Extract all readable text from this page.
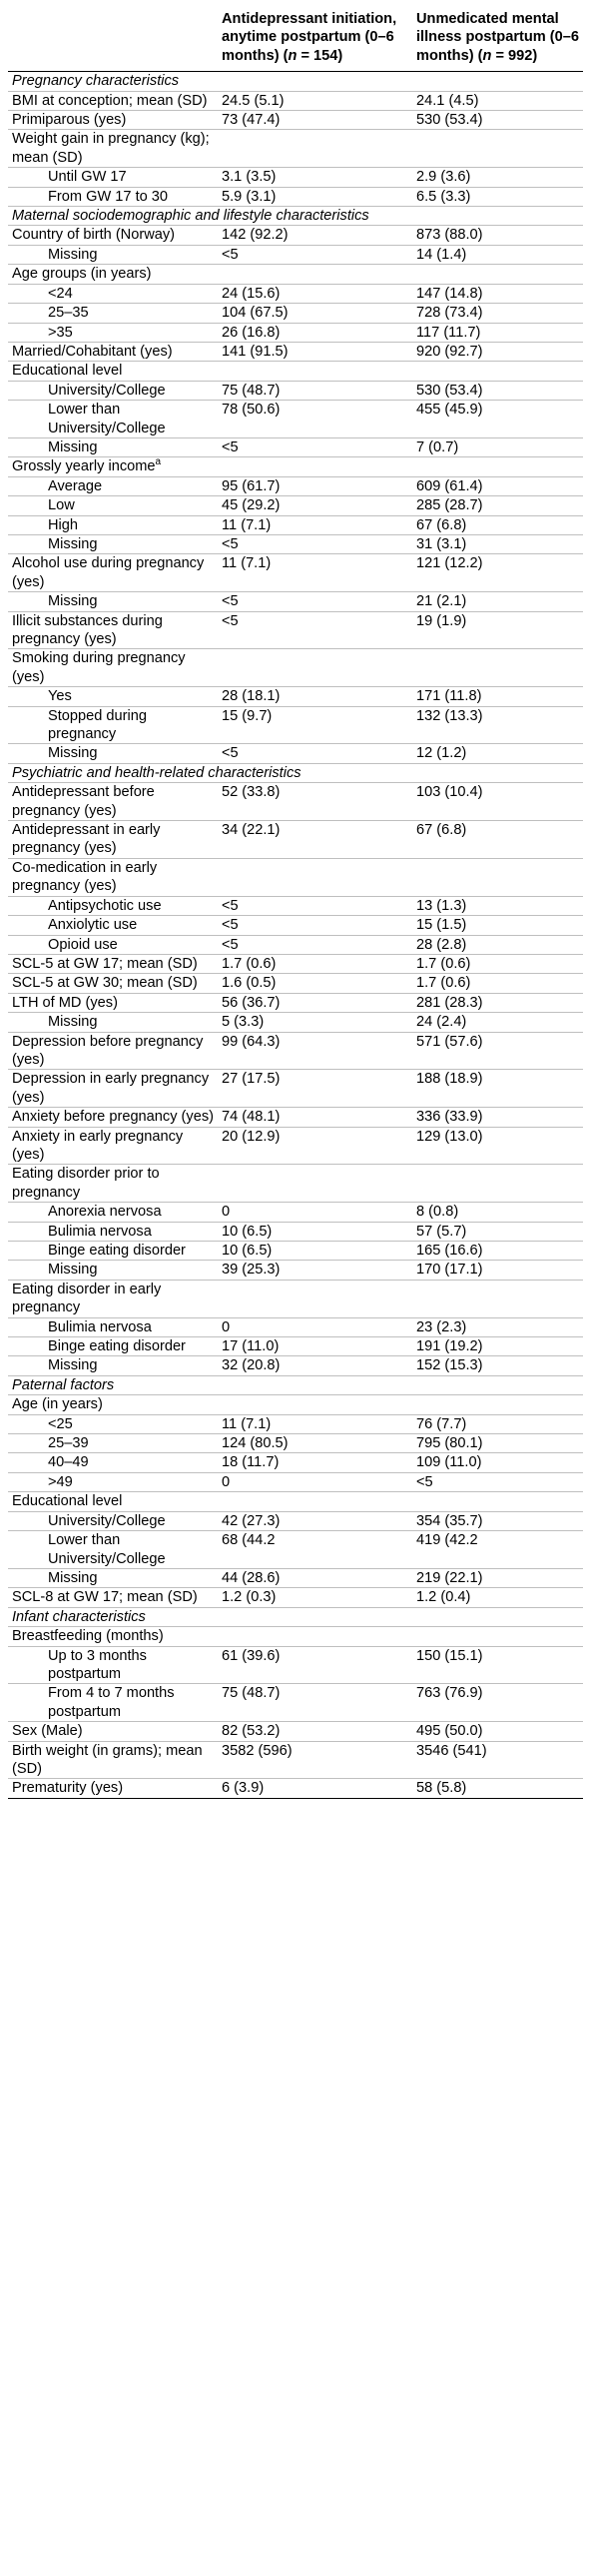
	Antidepressant initiation, anytime postpartum (0–6 months) (n = 154)	Unmedicated mental illness postpartum (0–6 months) (n = 992)
Pregnancy characteristics		
BMI at conception; mean (SD)	24.5 (5.1)	24.1 (4.5)
Primiparous (yes)	73 (47.4)	530 (53.4)
Weight gain in pregnancy (kg); mean (SD)		
Until GW 17	3.1 (3.5)	2.9 (3.6)
From GW 17 to 30	5.9 (3.1)	6.5 (3.3)
Maternal sociodemographic and lifestyle characteristics		
Country of birth (Norway)	142 (92.2)	873 (88.0)
Missing	<5	14 (1.4)
Age groups (in years)		
<24	24 (15.6)	147 (14.8)
25–35	104 (67.5)	728 (73.4)
>35	26 (16.8)	117 (11.7)
Married/Cohabitant (yes)	141 (91.5)	920 (92.7)
Educational level		
University/College	75 (48.7)	530 (53.4)
Lower than University/College	78 (50.6)	455 (45.9)
Missing	<5	7 (0.7)
Grossly yearly income$^a$		
Average	95 (61.7)	609 (61.4)
Low	45 (29.2)	285 (28.7)
High	11 (7.1)	67 (6.8)
Missing	<5	31 (3.1)
Alcohol use during pregnancy (yes)	11 (7.1)	121 (12.2)
Missing	<5	21 (2.1)
Illicit substances during pregnancy (yes)	<5	19 (1.9)
Smoking during pregnancy (yes)		
Yes	28 (18.1)	171 (11.8)
Stopped during pregnancy	15 (9.7)	132 (13.3)
Missing	<5	12 (1.2)
Psychiatric and health-related characteristics		
Antidepressant before pregnancy (yes)	52 (33.8)	103 (10.4)
Antidepressant in early pregnancy (yes)	34 (22.1)	67 (6.8)
Co-medication in early pregnancy (yes)		
Antipsychotic use	<5	13 (1.3)
Anxiolytic use	<5	15 (1.5)
Opioid use	<5	28 (2.8)
SCL-5 at GW 17; mean (SD)	1.7 (0.6)	1.7 (0.6)
SCL-5 at GW 30; mean (SD)	1.6 (0.5)	1.7 (0.6)
LTH of MD (yes)	56 (36.7)	281 (28.3)
Missing	5 (3.3)	24 (2.4)
Depression before pregnancy (yes)	99 (64.3)	571 (57.6)
Depression in early pregnancy (yes)	27 (17.5)	188 (18.9)
Anxiety before pregnancy (yes)	74 (48.1)	336 (33.9)
Anxiety in early pregnancy (yes)	20 (12.9)	129 (13.0)
Eating disorder prior to pregnancy		
Anorexia nervosa	0	8 (0.8)
Bulimia nervosa	10 (6.5)	57 (5.7)
Binge eating disorder	10 (6.5)	165 (16.6)
Missing	39 (25.3)	170 (17.1)
Eating disorder in early pregnancy		
Bulimia nervosa	0	23 (2.3)
Binge eating disorder	17 (11.0)	191 (19.2)
Missing	32 (20.8)	152 (15.3)
Paternal factors		
Age (in years)		
<25	11 (7.1)	76 (7.7)
25–39	124 (80.5)	795 (80.1)
40–49	18 (11.7)	109 (11.0)
>49	0	<5
Educational level		
University/College	42 (27.3)	354 (35.7)
Lower than University/College	68 (44.2	419 (42.2
Missing	44 (28.6)	219 (22.1)
SCL-8 at GW 17; mean (SD)	1.2 (0.3)	1.2 (0.4)
Infant characteristics		
Breastfeeding (months)		
Up to 3 months postpartum	61 (39.6)	150 (15.1)
From 4 to 7 months postpartum	75 (48.7)	763 (76.9)
Sex (Male)	82 (53.2)	495 (50.0)
Birth weight (in grams); mean (SD)	3582 (596)	3546 (541)
Prematurity (yes)	6 (3.9)	58 (5.8)
